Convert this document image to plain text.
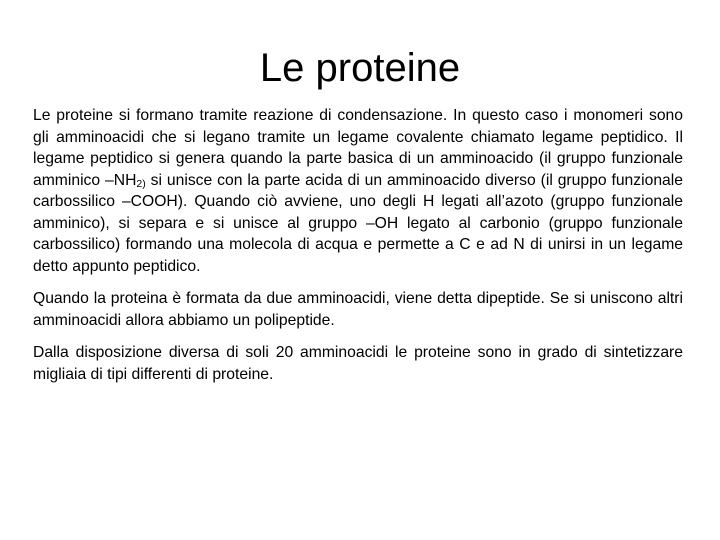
Le proteine

Le proteine si formano tramite reazione di condensazione. In questo caso i monomeri sono gli amminoacidi che si legano tramite un legame covalente chiamato legame peptidico. Il legame peptidico si genera quando la parte basica di un amminoacido (il gruppo funzionale amminico –NH2) si unisce con la parte acida di un amminoacido diverso (il gruppo funzionale carbossilico –COOH). Quando ciò avviene, uno degli H legati all’azoto (gruppo funzionale amminico), si separa e si unisce al gruppo –OH legato al carbonio (gruppo funzionale carbossilico) formando una molecola di acqua e permette a C e ad N di unirsi in un legame detto appunto peptidico.

Quando la proteina è formata da due amminoacidi, viene detta dipeptide. Se si uniscono altri amminoacidi allora abbiamo un polipeptide.

Dalla disposizione diversa di soli 20 amminoacidi le proteine sono in grado di sintetizzare migliaia di tipi differenti di proteine.
